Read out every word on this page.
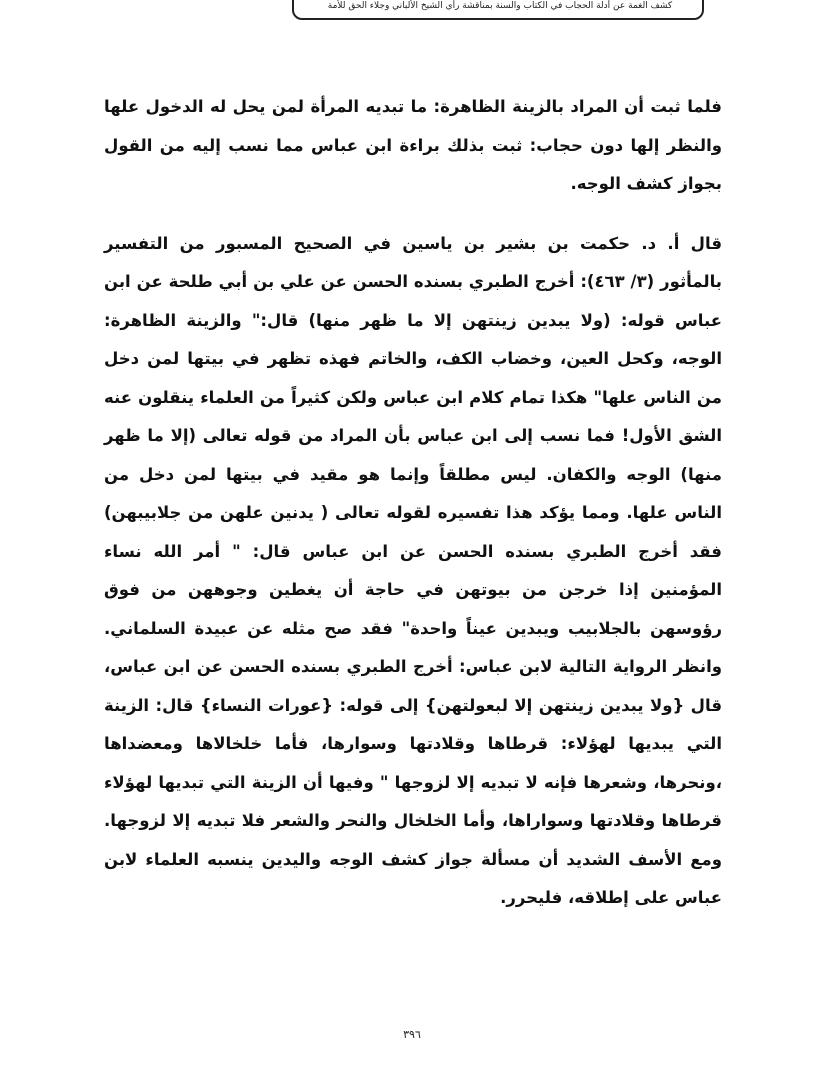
كشف الغمة عن أدلة الحجاب في الكتاب والسنة بمناقشة رأي الشيخ الألباني وجلاء الحق للأمة

فلما ثبت أن المراد بالزينة الظاهرة: ما تبديه المرأة لمن يحل له الدخول علها والنظر إلها دون حجاب: ثبت بذلك براءة ابن عباس مما نسب إليه من القول بجواز كشف الوجه.

قال أ. د. حكمت بن بشير بن ياسين في الصحيح المسبور من التفسير بالمأثور (٣/ ٤٦٣): أخرج الطبري بسنده الحسن عن علي بن أبي طلحة عن ابن عباس قوله: (ولا يبدين زينتهن إلا ما ظهر منها) قال:" والزينة الظاهرة: الوجه، وكحل العين، وخضاب الكف، والخاتم فهذه تظهر في بيتها لمن دخل من الناس علها" هكذا تمام كلام ابن عباس ولكن كثيراً من العلماء ينقلون عنه الشق الأول! فما نسب إلى ابن عباس بأن المراد من قوله تعالى (إلا ما ظهر منها) الوجه والكفان. ليس مطلقاً وإنما هو مقيد في بيتها لمن دخل من الناس علها. ومما يؤكد هذا تفسيره لقوله تعالى ( يدنين علهن من جلابيبهن) فقد أخرج الطبري بسنده الحسن عن ابن عباس قال: " أمر الله نساء المؤمنين إذا خرجن من بيوتهن في حاجة أن يغطين وجوههن من فوق رؤوسهن بالجلابيب ويبدين عيناً واحدة" فقد صح مثله عن عبيدة السلماني. وانظر الرواية التالية لابن عباس: أخرج الطبري بسنده الحسن عن ابن عباس، قال {ولا يبدين زينتهن إلا لبعولتهن} إلى قوله: {عورات النساء} قال: الزينة التي يبديها لهؤلاء: قرطاها وقلادتها وسوارها، فأما خلخالاها ومعضداها ،ونحرها، وشعرها فإنه لا تبديه إلا لزوجها " وفيها أن الزينة التي تبديها لهؤلاء قرطاها وقلادتها وسواراها، وأما الخلخال والنحر والشعر فلا تبديه إلا لزوجها. ومع الأسف الشديد أن مسألة جواز كشف الوجه واليدين ينسبه العلماء لابن عباس على إطلاقه، فليحرر.

٣٩٦
